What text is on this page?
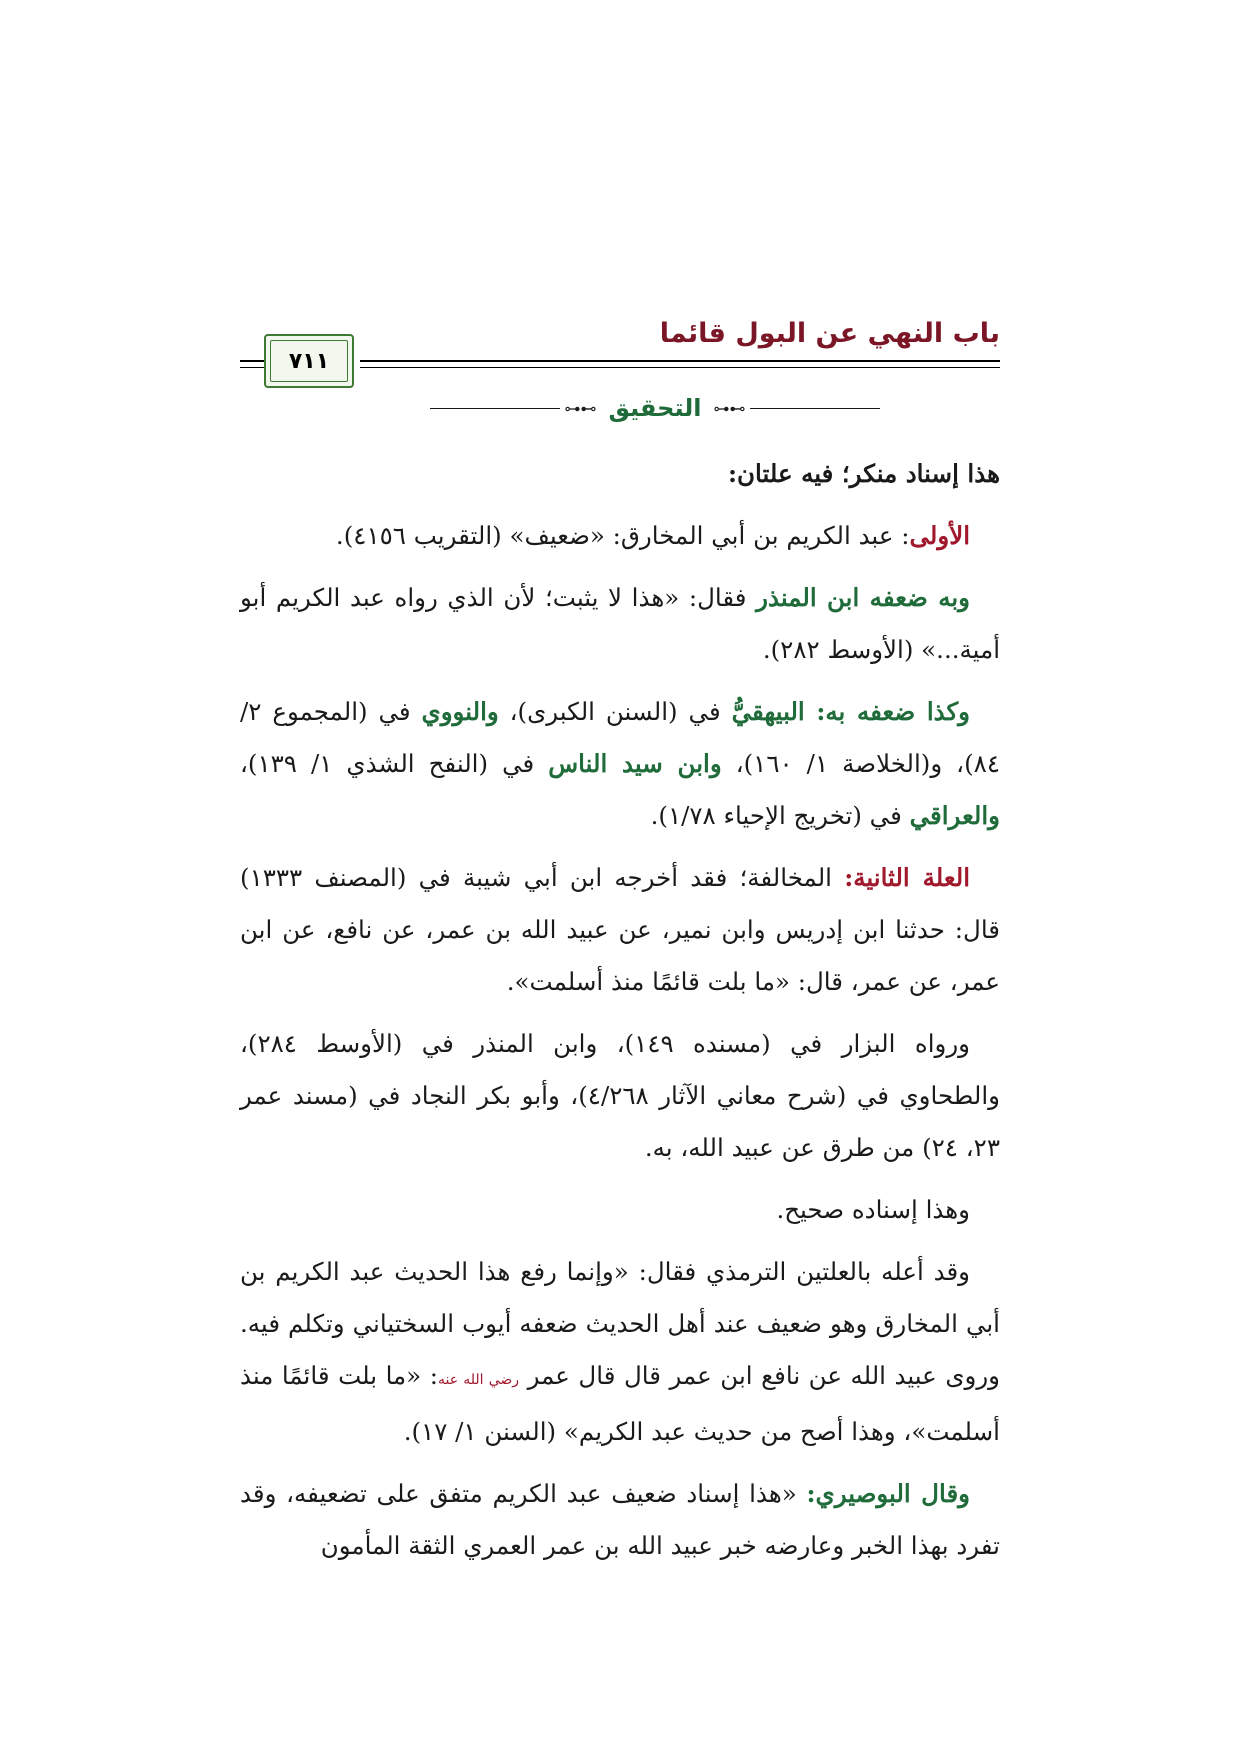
باب النهي عن البول قائما
٧١١
⊶⊷
التحقيق
⊶⊷

هذا إسناد منكر؛ فيه علتان:

الأولى: عبد الكريم بن أبي المخارق: «ضعيف» (التقريب ٤١٥٦).

وبه ضعفه ابن المنذر فقال: «هذا لا يثبت؛ لأن الذي رواه عبد الكريم أبو أمية...» (الأوسط ٢٨٢).

وكذا ضعفه به: البيهقيُّ في (السنن الكبرى)، والنووي في (المجموع ٢/ ٨٤)، و(الخلاصة ١/ ١٦٠)، وابن سيد الناس في (النفح الشذي ١/ ١٣٩)، والعراقي في (تخريج الإحياء ١/٧٨).

العلة الثانية: المخالفة؛ فقد أخرجه ابن أبي شيبة في (المصنف ١٣٣٣) قال: حدثنا ابن إدريس وابن نمير، عن عبيد الله بن عمر، عن نافع، عن ابن عمر، عن عمر، قال: «ما بلت قائمًا منذ أسلمت».

ورواه البزار في (مسنده ١٤٩)، وابن المنذر في (الأوسط ٢٨٤)، والطحاوي في (شرح معاني الآثار ٤/٢٦٨)، وأبو بكر النجاد في (مسند عمر ٢٣، ٢٤) من طرق عن عبيد الله، به.

وهذا إسناده صحيح.

وقد أعله بالعلتين الترمذي فقال: «وإنما رفع هذا الحديث عبد الكريم بن أبي المخارق وهو ضعيف عند أهل الحديث ضعفه أيوب السختياني وتكلم فيه. وروى عبيد الله عن نافع ابن عمر قال قال عمر رضي الله عنه: «ما بلت قائمًا منذ أسلمت»، وهذا أصح من حديث عبد الكريم» (السنن ١/ ١٧).

وقال البوصيري: «هذا إسناد ضعيف عبد الكريم متفق على تضعيفه، وقد تفرد بهذا الخبر وعارضه خبر عبيد الله بن عمر العمري الثقة المأمون
